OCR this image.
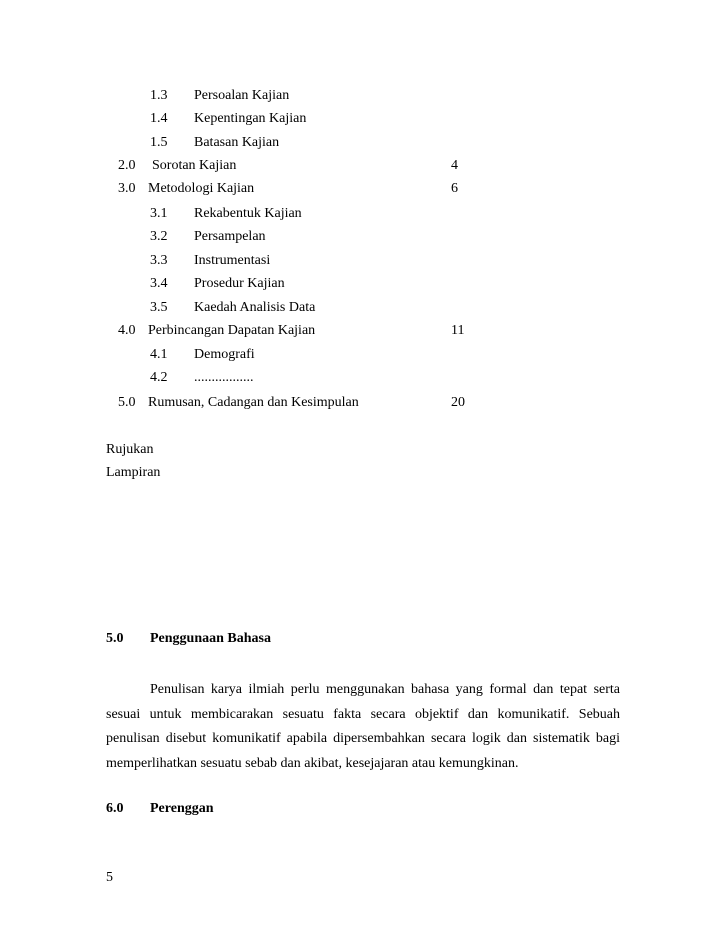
1.3 Persoalan Kajian
1.4 Kepentingan Kajian
1.5 Batasan Kajian
2.0 Sorotan Kajian	4
3.0 Metodologi Kajian	6
3.1 Rekabentuk Kajian
3.2 Persampelan
3.3 Instrumentasi
3.4 Prosedur Kajian
3.5 Kaedah Analisis Data
4.0 Perbincangan Dapatan Kajian	11
4.1 Demografi
4.2 .................
5.0 Rumusan, Cadangan dan Kesimpulan	20
Rujukan
Lampiran
5.0 Penggunaan Bahasa
Penulisan karya ilmiah perlu menggunakan bahasa yang formal dan tepat serta sesuai untuk membicarakan sesuatu fakta secara objektif dan komunikatif. Sebuah penulisan disebut komunikatif apabila dipersembahkan secara logik dan sistematik bagi memperlihatkan sesuatu sebab dan akibat, kesejajaran atau kemungkinan.
6.0 Perenggan
5
